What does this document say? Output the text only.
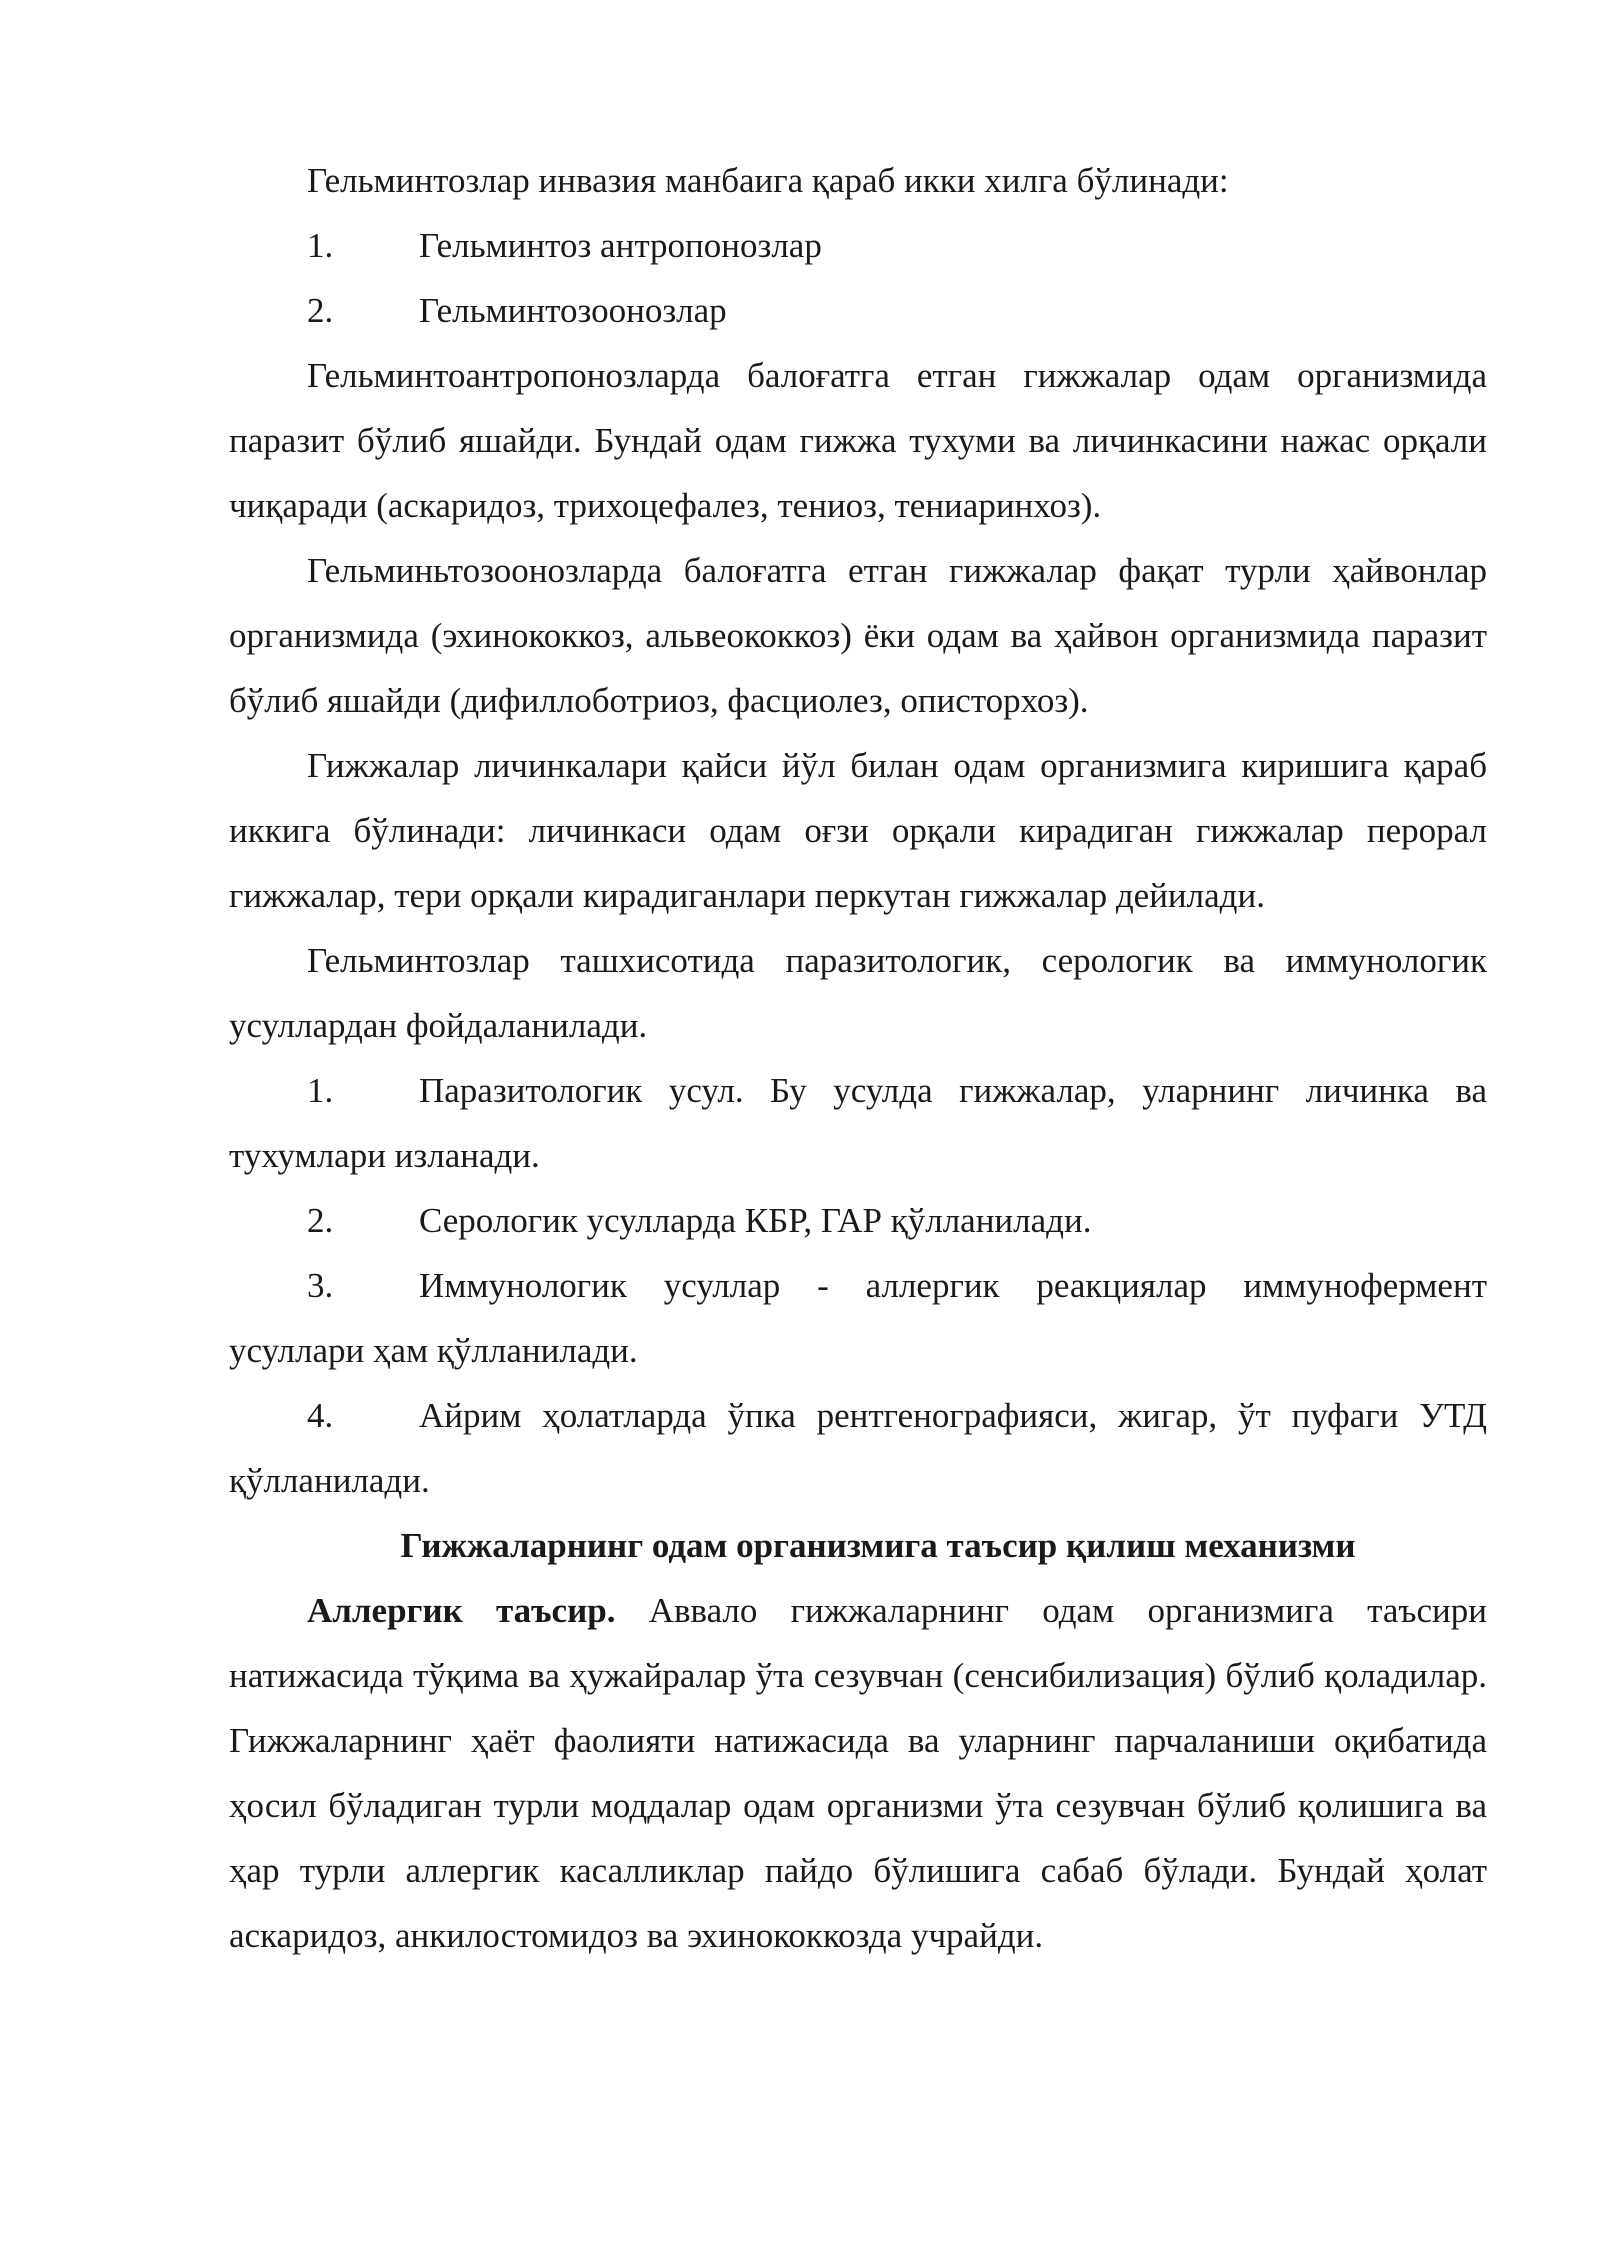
Гельминтозлар инвазия манбаига қараб икки хилга бўлинади:

1. Гельминтоз антропонозлар

2. Гельминтозоонозлар

Гельминтоантропонозларда балоғатга етган гижжалар одам организмида паразит бўлиб яшайди. Бундай одам гижжа тухуми ва личинкасини нажас орқали чиқаради (аскаридоз, трихоцефалез, тениоз, тениаринхоз).

Гельминьтозоонозларда балоғатга етган гижжалар фақат турли ҳайвонлар организмида (эхинококкоз, альвеококкоз) ёки одам ва ҳайвон организмида паразит бўлиб яшайди (дифиллоботриоз, фасциолез, описторхоз).

Гижжалар личинкалари қайси йўл билан одам организмига киришига қараб иккига бўлинади: личинкаси одам оғзи орқали кирадиган гижжалар перорал гижжалар, тери орқали кирадиганлари перкутан гижжалар дейилади.

Гельминтозлар ташхисотида паразитологик, серологик ва иммунологик усуллардан фойдаланилади.

1. Паразитологик усул. Бу усулда гижжалар, уларнинг личинка ва тухумлари изланади.

2. Серологик усулларда КБР, ГАР қўлланилади.

3. Иммунологик усуллар - аллергик реакциялар иммунофермент усуллари ҳам қўлланилади.

4. Айрим ҳолатларда ўпка рентгенографияси, жигар, ўт пуфаги УТД қўлланилади.

Гижжаларнинг одам организмига таъсир қилиш механизми

Аллергик таъсир. Аввало гижжаларнинг одам организмига таъсири натижасида тўқима ва ҳужайралар ўта сезувчан (сенсибилизация) бўлиб қоладилар. Гижжаларнинг ҳаёт фаолияти натижасида ва уларнинг парчаланиши оқибатида ҳосил бўладиган турли моддалар одам организми ўта сезувчан бўлиб қолишига ва ҳар турли аллергик касалликлар пайдо бўлишига сабаб бўлади. Бундай ҳолат аскаридоз, анкилостомидоз ва эхинококкозда учрайди.
